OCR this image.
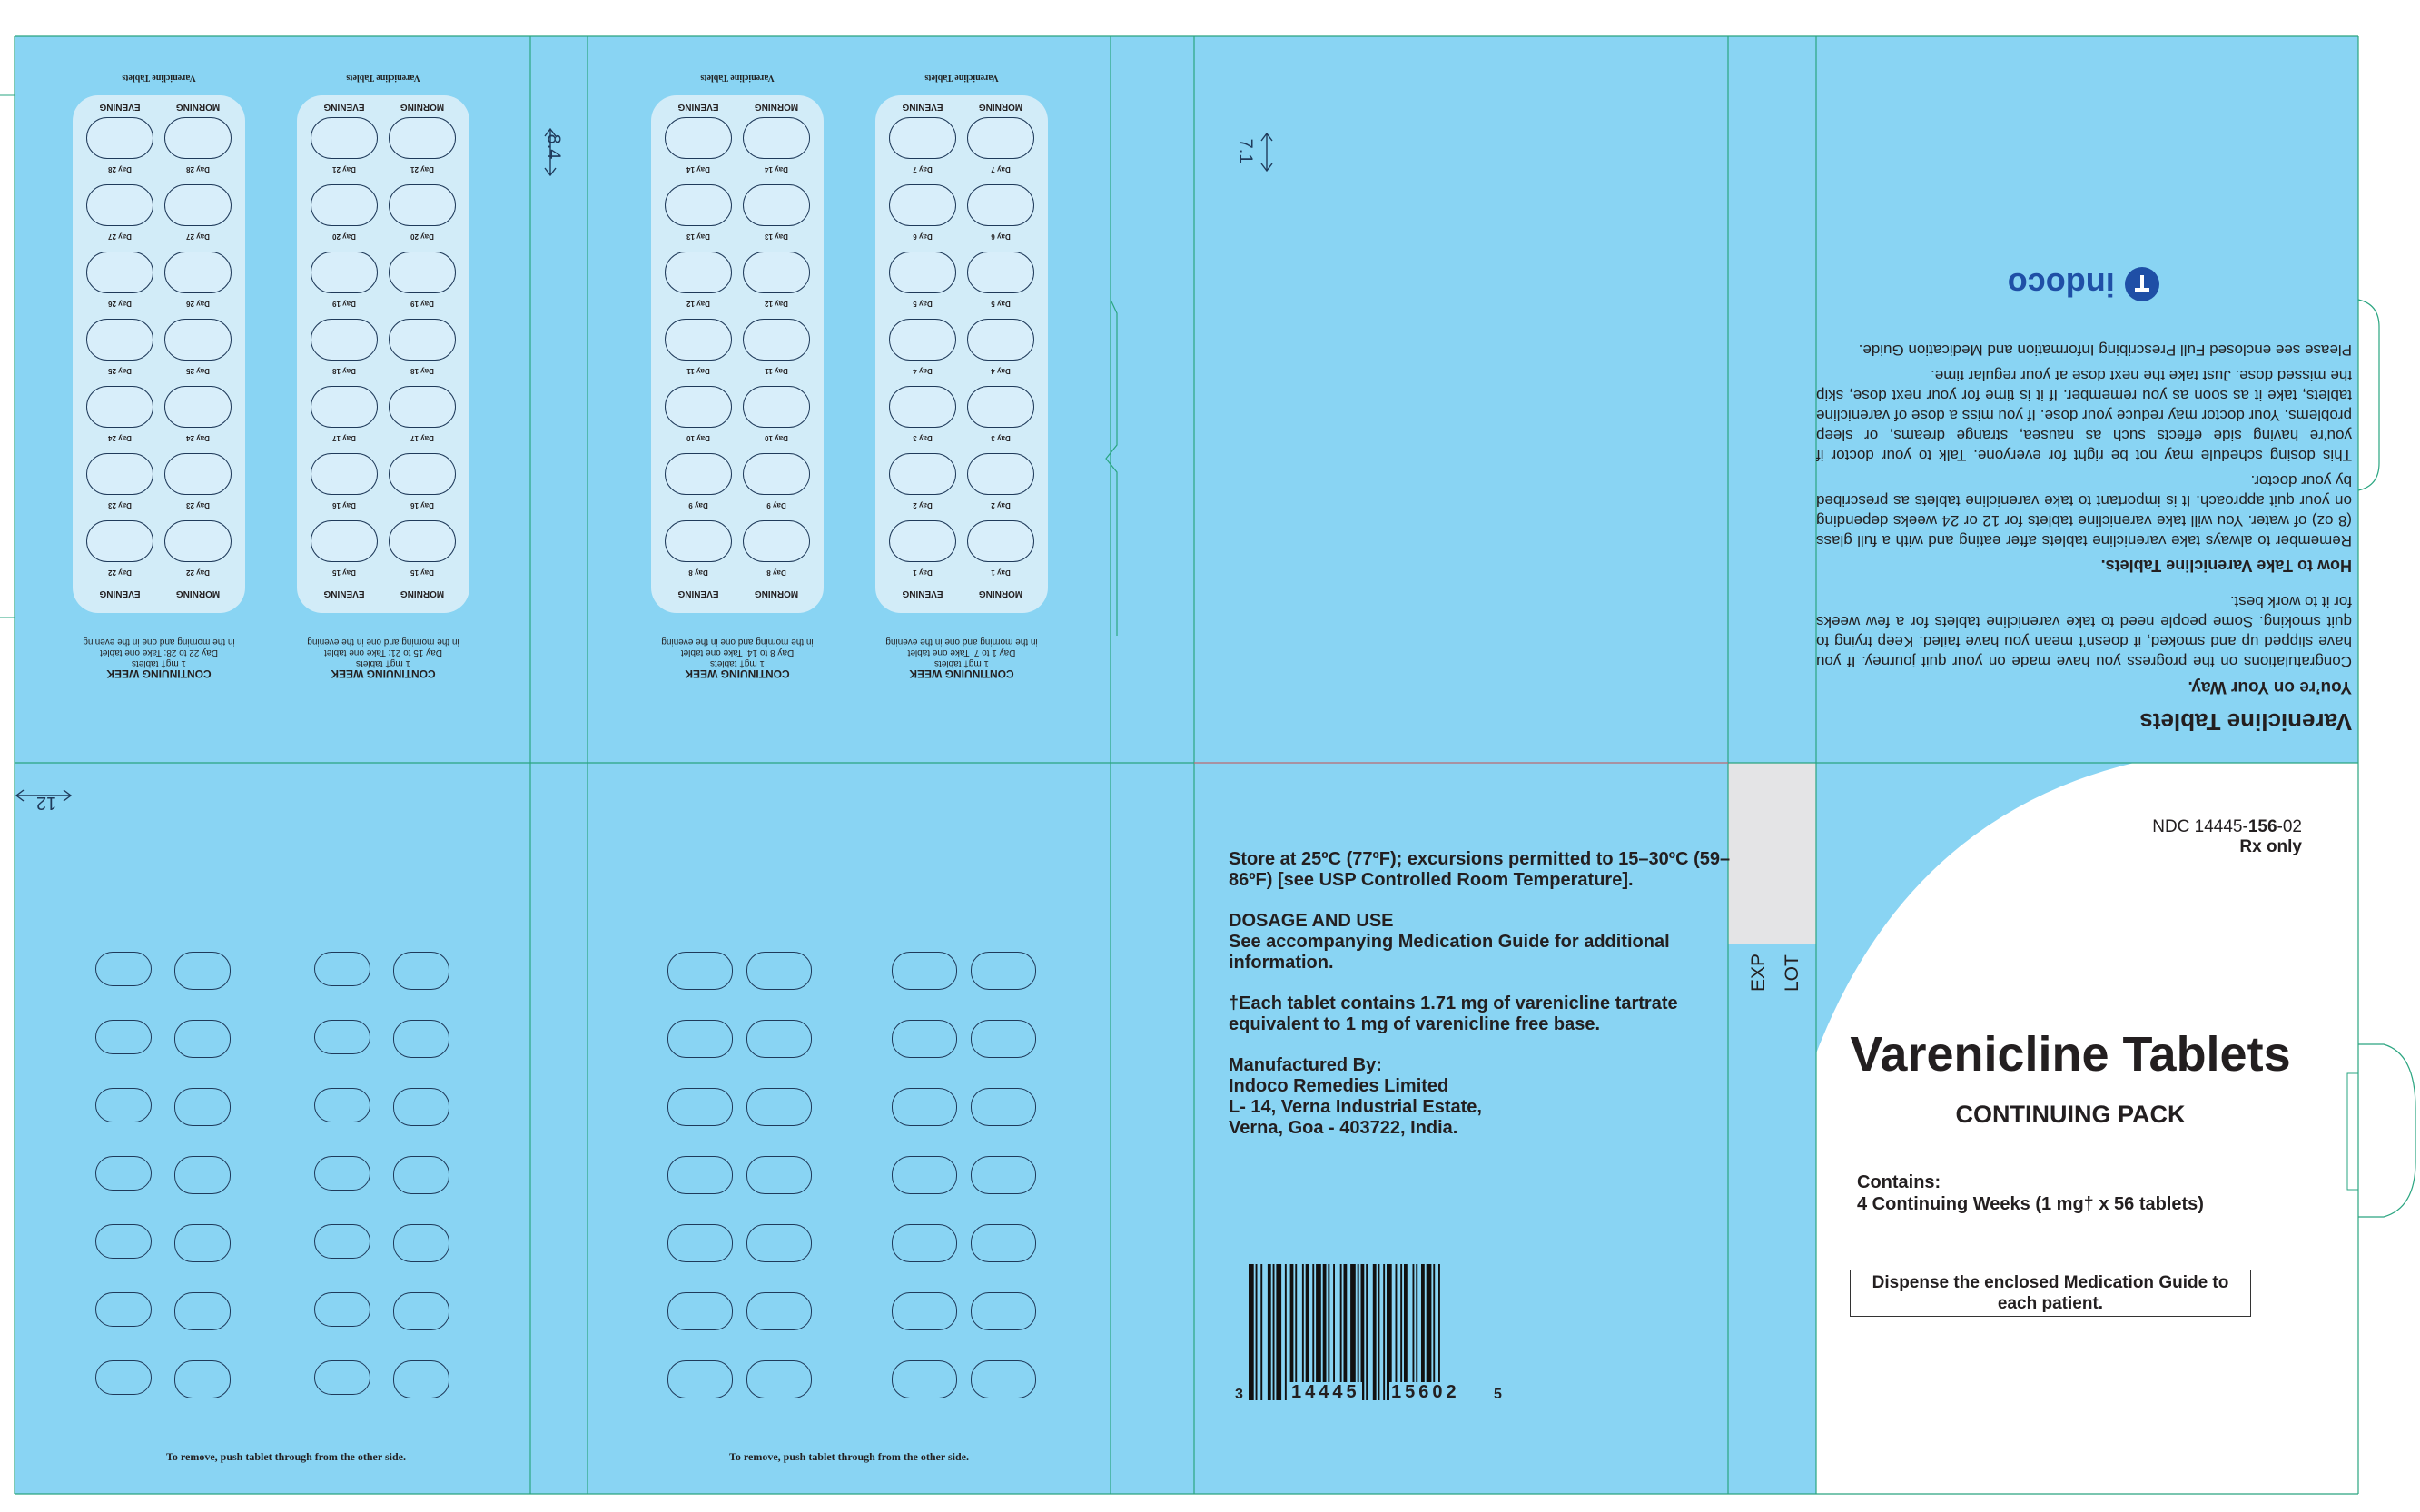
8.4	7.1
12
MORNING
EVENING
Day 22
Day 22
Day 23
Day 23
Day 24
Day 24
Day 25
Day 25
Day 26
Day 26
Day 27
Day 27
Day 28
Day 28
MORNING
EVENING
Varenicline Tablets
MORNING
EVENING
Day 15
Day 15
Day 16
Day 16
Day 17
Day 17
Day 18
Day 18
Day 19
Day 19
Day 20
Day 20
Day 21
Day 21
MORNING
EVENING
Varenicline Tablets
MORNING
EVENING
Day 8
Day 8
Day 9
Day 9
Day 10
Day 10
Day 11
Day 11
Day 12
Day 12
Day 13
Day 13
Day 14
Day 14
MORNING
EVENING
Varenicline Tablets
MORNING
EVENING
Day 1
Day 1
Day 2
Day 2
Day 3
Day 3
Day 4
Day 4
Day 5
Day 5
Day 6
Day 6
Day 7
Day 7
MORNING
EVENING
Varenicline Tablets
CONTINUING WEEK
1 mg† tablets
Day 22 to 28: Take one tablet
in the morning and one in the evening
CONTINUING WEEK
1 mg† tablets
Day 15 to 21: Take one tablet
in the morning and one in the evening
CONTINUING WEEK
1 mg† tablets
Day 8 to 14: Take one tablet
in the morning and one in the evening
CONTINUING WEEK
1 mg† tablets
Day 1 to 7: Take one tablet
in the morning and one in the evening
To remove, push tablet through from the other side.	To remove, push tablet through from the other side.
Varenicline Tablets
You’re on Your Way.

Congratulations on the progress you have made on your quit journey. If you have slipped up and smoked, it doesn’t mean you have failed. Keep trying to quit smoking. Some people need to take varenicline tablets for a few weeks for it to work best.

How to Take Varenicline Tablets.

Remember to always take varenicline tablets after eating and with a full glass (8 oz) of water. You will take varenicline tablets for 12 or 24 weeks depending on your quit approach. It is important to take varenicline tablets as prescribed by your doctor.

This dosing schedule may not be right for everyone. Talk to your doctor if you’re having side effects such as nausea, strange dreams, or sleep problems. Your doctor may reduce your dose. If you miss a dose of varenicline tablets, take it as soon as you remember. If it is time for your next dose, skip the missed dose. Just take the next dose at your regular time.

Please see enclosed Full Prescribing Information and Medication Guide.

indoco

Store at 25ºC (77ºF); excursions permitted to 15–30ºC (59–86ºF) [see USP Controlled Room Temperature].

DOSAGE AND USE
See accompanying Medication Guide for additional information.

†Each tablet contains 1.71 mg of varenicline tartrate equivalent to 1 mg of varenicline free base.

Manufactured By:
Indoco Remedies Limited
L- 14, Verna Industrial Estate,
Verna, Goa - 403722, India.

3	14445 15602 5
EXP LOT
NDC 14445-156-02
Rx only
Varenicline Tablets
CONTINUING PACK
Contains:
4 Continuing Weeks (1 mg† x 56 tablets)
Dispense the enclosed Medication Guide to each patient.
